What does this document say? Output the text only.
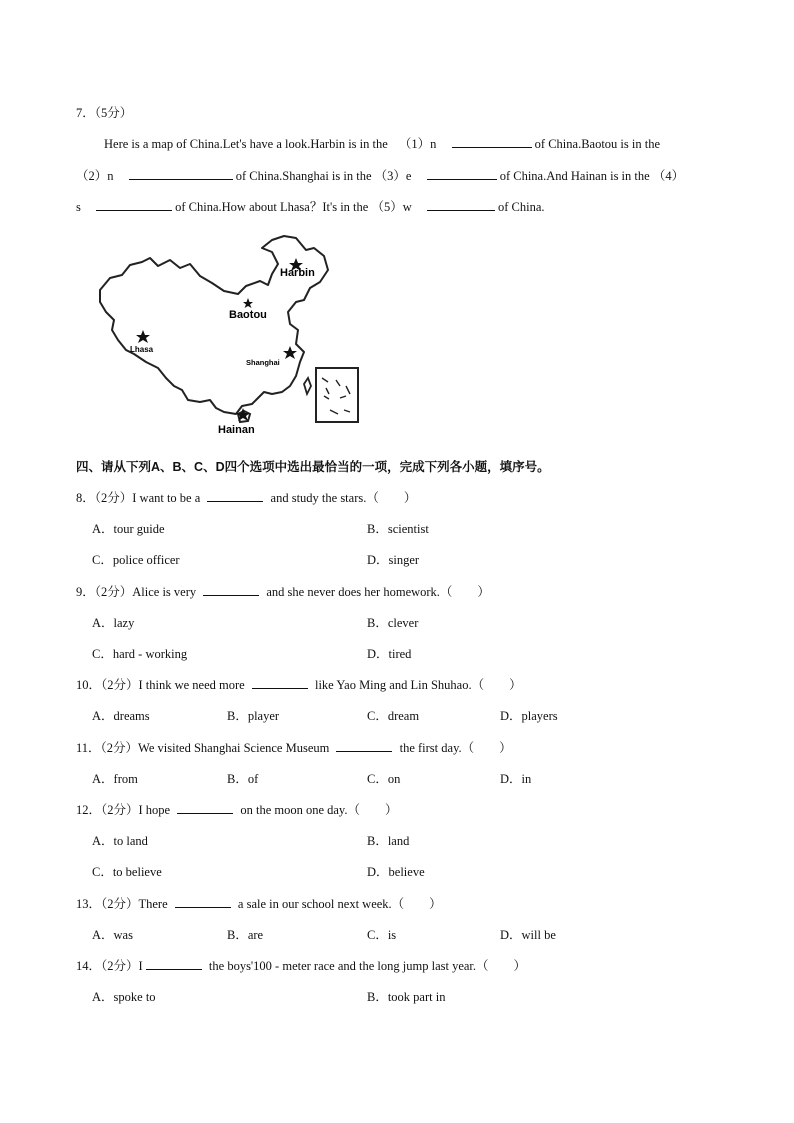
7．（5分）
Here is a map of China.Let's have a look.Harbin is in the （1）n	of China.Baotou is in the
（2）n	of China.Shanghai is in the （3）e	of China.And Hainan is in the （4）
s	of China.How about Lhasa？It's in the （5）w	of China.
Harbin
Baotou
Lhasa
Shanghai
Hainan
四、请从下列A、B、C、D四个选项中选出最恰当的一项，完成下列各小题，填序号。
8．（2分）I want to be a	and study the stars.（　　）
A．tour guide	B．scientist
C．police officer	D．singer
9．（2分）Alice is very	and she never does her homework.（　　）
A．lazy	B．clever
C．hard - working	D．tired
10．（2分）I think we need more	like Yao Ming and Lin Shuhao.（　　）
A．dreams	B．player	C．dream	D．players
11．（2分）We visited Shanghai Science Museum	the first day.（　　）
A．from	B．of	C．on	D．in
12．（2分）I hope	on the moon one day.（　　）
A．to land	B．land
C．to believe	D．believe
13．（2分）There	a sale in our school next week.（　　）
A．was	B．are	C．is	D．will be
14．（2分）I	the boys'100 - meter race and the long jump last year.（　　）
A．spoke to	B．took part in
